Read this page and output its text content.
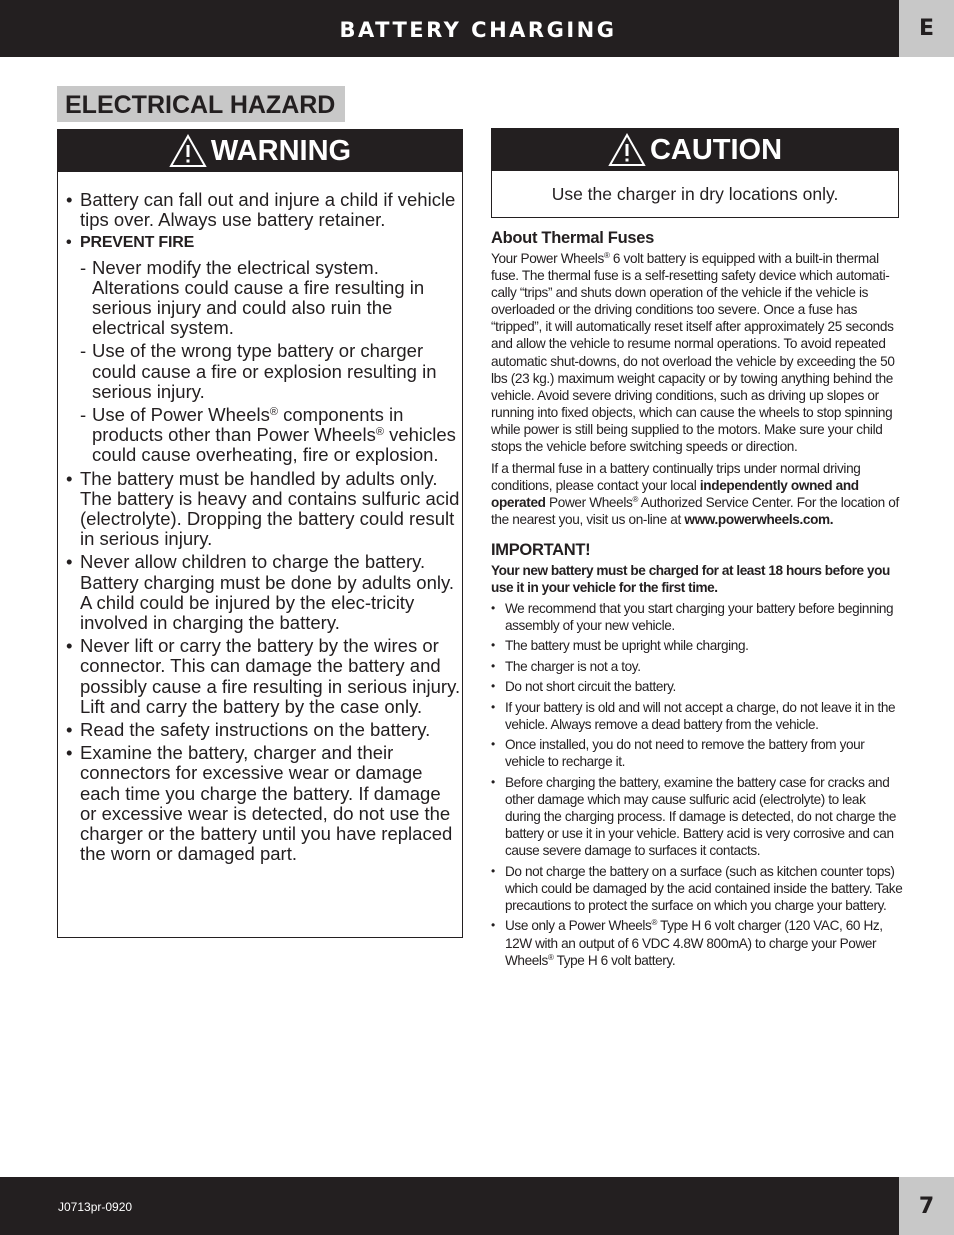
BATTERY CHARGING	E
ELECTRICAL HAZARD
WARNING
• Battery can fall out and injure a child if vehicle tips over. Always use battery retainer.
• PREVENT FIRE
- Never modify the electrical system. Alterations could cause a fire resulting in serious injury and could also ruin the electrical system.
- Use of the wrong type battery or charger could cause a fire or explosion resulting in serious injury.
- Use of Power Wheels® components in products other than Power Wheels® vehicles could cause overheating, fire or explosion.
• The battery must be handled by adults only. The battery is heavy and contains sulfuric acid (electrolyte). Dropping the battery could result in serious injury.
• Never allow children to charge the battery. Battery charging must be done by adults only. A child could be injured by the elec-tricity involved in charging the battery.
• Never lift or carry the battery by the wires or connector. This can damage the battery and possibly cause a fire resulting in serious injury. Lift and carry the battery by the case only.
• Read the safety instructions on the battery.
• Examine the battery, charger and their connectors for excessive wear or damage each time you charge the battery. If damage or excessive wear is detected, do not use the charger or the battery until you have replaced the worn or damaged part.
CAUTION
Use the charger in dry locations only.
About Thermal Fuses
Your Power Wheels® 6 volt battery is equipped with a built-in thermal fuse. The thermal fuse is a self-resetting safety device which automati-cally “trips” and shuts down operation of the vehicle if the vehicle is overloaded or the driving conditions too severe. Once a fuse has “tripped”, it will automatically reset itself after approximately 25 seconds and allow the vehicle to resume normal operations. To avoid repeated automatic shut-downs, do not overload the vehicle by exceeding the 50 lbs (23 kg.) maximum weight capacity or by towing anything behind the vehicle. Avoid severe driving conditions, such as driving up slopes or running into fixed objects, which can cause the wheels to stop spinning while power is still being supplied to the motors. Make sure your child stops the vehicle before switching speeds or direction.
If a thermal fuse in a battery continually trips under normal driving conditions, please contact your local independently owned and operated Power Wheels® Authorized Service Center. For the location of the nearest you, visit us on-line at www.powerwheels.com.
IMPORTANT!
Your new battery must be charged for at least 18 hours before you use it in your vehicle for the first time.
• We recommend that you start charging your battery before beginning assembly of your new vehicle.
• The battery must be upright while charging.
• The charger is not a toy.
• Do not short circuit the battery.
• If your battery is old and will not accept a charge, do not leave it in the vehicle. Always remove a dead battery from the vehicle.
• Once installed, you do not need to remove the battery from your vehicle to recharge it.
• Before charging the battery, examine the battery case for cracks and other damage which may cause sulfuric acid (electrolyte) to leak during the charging process. If damage is detected, do not charge the battery or use it in your vehicle. Battery acid is very corrosive and can cause severe damage to surfaces it contacts.
• Do not charge the battery on a surface (such as kitchen counter tops) which could be damaged by the acid contained inside the battery. Take precautions to protect the surface on which you charge your battery.
• Use only a Power Wheels® Type H 6 volt charger (120 VAC, 60 Hz, 12W with an output of 6 VDC 4.8W 800mA) to charge your Power Wheels® Type H 6 volt battery.
J0713pr-0920	7
